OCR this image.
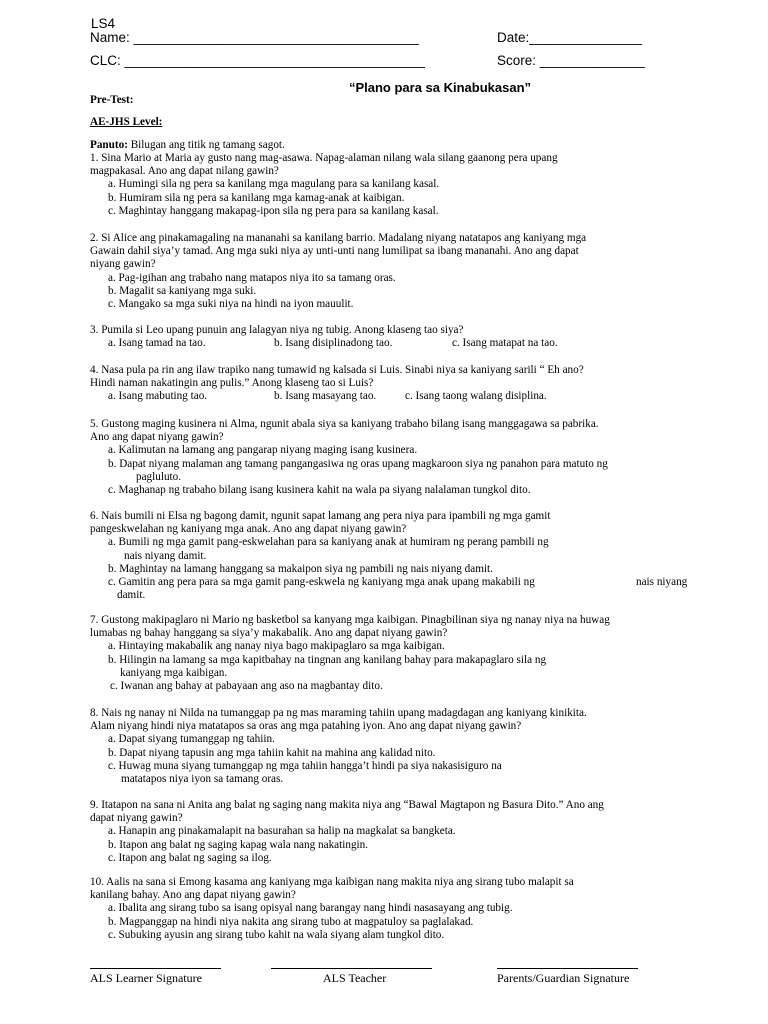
LS4
Name: ______________________________________	Date:_______________
CLC: ________________________________________	Score: ______________
“Plano para sa Kinabukasan”
Pre-Test:
AE-JHS Level:

Panuto: Bilugan ang titik ng tamang sagot.

1. Sina Mario at Maria ay gusto nang mag-asawa. Napag-alaman nilang wala silang gaanong pera upang

magpakasal. Ano ang dapat nilang gawin?

a. Humingi sila ng pera sa kanilang mga magulang para sa kanilang kasal.

b. Humiram sila ng pera sa kanilang mga kamag-anak at kaibigan.

c. Maghintay hanggang makapag-ipon sila ng pera para sa kanilang kasal.

2. Si Alice ang pinakamagaling na mananahi sa kanilang barrio. Madalang niyang natatapos ang kaniyang mga

Gawain dahil siya’y tamad. Ang mga suki niya ay unti-unti nang lumilipat sa ibang mananahi. Ano ang dapat

niyang gawin?

a. Pag-igihan ang trabaho nang matapos niya ito sa tamang oras.

b. Magalit sa kaniyang mga suki.

c. Mangako sa mga suki niya na hindi na iyon mauulit.

3. Pumila si Leo upang punuin ang lalagyan niya ng tubig. Anong klaseng tao siya?

a. Isang tamad na tao.	b. Isang disiplinadong tao.	c. Isang matapat na tao.

4. Nasa pula pa rin ang ilaw trapiko nang tumawid ng kalsada si Luis. Sinabi niya sa kaniyang sarili “ Eh ano?

Hindi naman nakatingin ang pulis.” Anong klaseng tao si Luis?

a. Isang mabuting tao.	b. Isang masayang tao.	c. Isang taong walang disiplina.

5. Gustong maging kusinera ni Alma, ngunit abala siya sa kaniyang trabaho bilang isang manggagawa sa pabrika.

Ano ang dapat niyang gawin?

a. Kalimutan na lamang ang pangarap niyang maging isang kusinera.

b. Dapat niyang malaman ang tamang pangangasiwa ng oras upang magkaroon siya ng panahon para matuto ng

pagluluto.

c. Maghanap ng trabaho bilang isang kusinera kahit na wala pa siyang nalalaman tungkol dito.

6. Nais bumili ni Elsa ng bagong damit, ngunit sapat lamang ang pera niya para ipambili ng mga gamit

pangeskwelahan ng kaniyang mga anak. Ano ang dapat niyang gawin?

a. Bumili ng mga gamit pang-eskwelahan para sa kaniyang anak at humiram ng perang pambili ng

nais niyang damit.

b. Maghintay na lamang hanggang sa makaipon siya ng pambili ng nais niyang damit.

c. Gamitin ang pera para sa mga gamit pang-eskwela ng kaniyang mga anak upang makabili ng	nais niyang

damit.

7. Gustong makipaglaro ni Mario ng basketbol sa kanyang mga kaibigan. Pinagbilinan siya ng nanay niya na huwag

lumabas ng bahay hanggang sa siya’y makabalik. Ano ang dapat niyang gawin?

a. Hintaying makabalik ang nanay niya bago makipaglaro sa mga kaibigan.

b. Hilingin na lamang sa mga kapitbahay na tingnan ang kanilang bahay para makapaglaro sila ng

kaniyang mga kaibigan.

c. Iwanan ang bahay at pabayaan ang aso na magbantay dito.

8. Nais ng nanay ni Nilda na tumanggap pa ng mas maraming tahiin upang madagdagan ang kaniyang kinikita.

Alam niyang hindi niya matatapos sa oras ang mga patahing iyon. Ano ang dapat niyang gawin?

a. Dapat siyang tumanggap ng tahiin.

b. Dapat niyang tapusin ang mga tahiin kahit na mahina ang kalidad nito.

c. Huwag muna siyang tumanggap ng mga tahiin hangga’t hindi pa siya nakasisiguro na

matatapos niya iyon sa tamang oras.

9. Itatapon na sana ni Anita ang balat ng saging nang makita niya ang “Bawal Magtapon ng Basura Dito.” Ano ang

dapat niyang gawin?

a. Hanapin ang pinakamalapit na basurahan sa halip na magkalat sa bangketa.

b. Itapon ang balat ng saging kapag wala nang nakatingin.

c. Itapon ang balat ng saging sa ilog.

10. Aalis na sana si Emong kasama ang kaniyang mga kaibigan nang makita niya ang sirang tubo malapit sa

kanilang bahay. Ano ang dapat niyang gawin?

a. Ibalita ang sirang tubo sa isang opisyal nang barangay nang hindi nasasayang ang tubig.

b. Magpanggap na hindi niya nakita ang sirang tubo at magpatuloy sa paglalakad.

c. Subuking ayusin ang sirang tubo kahit na wala siyang alam tungkol dito.

ALS Learner Signature	ALS Teacher	Parents/Guardian Signature
